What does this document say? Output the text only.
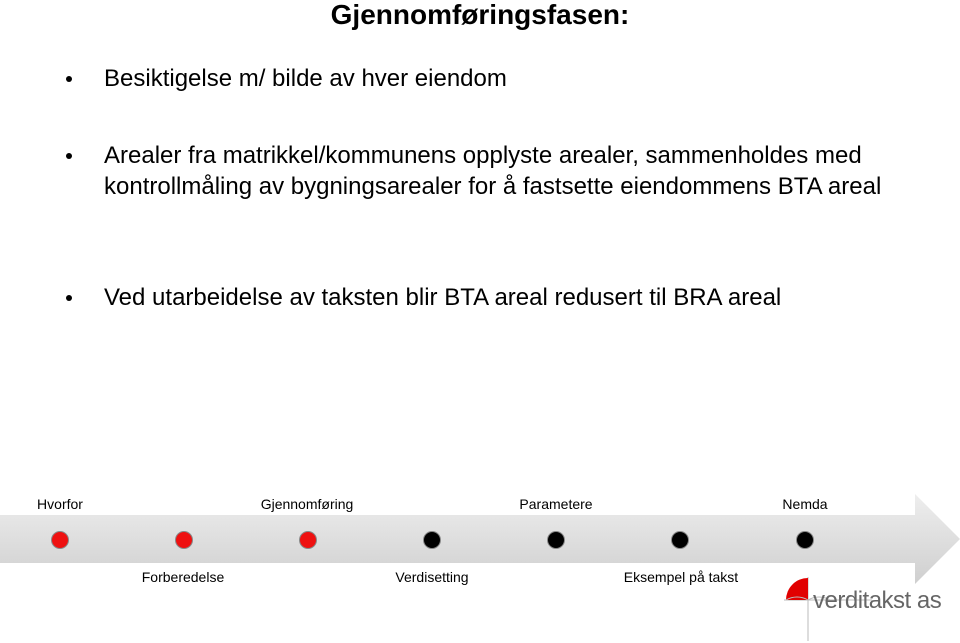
Gjennomføringsfasen:
Besiktigelse m/ bilde av hver eiendom
Arealer fra matrikkel/kommunens opplyste arealer, sammenholdes med kontrollmåling av bygningsarealer for å fastsette eiendommens BTA areal
Ved utarbeidelse av taksten blir BTA areal redusert til BRA areal
Hvorfor	Gjennomføring	Parametere	Nemda
Forberedelse	Verdisetting	Eksempel på takst
verditakst as
